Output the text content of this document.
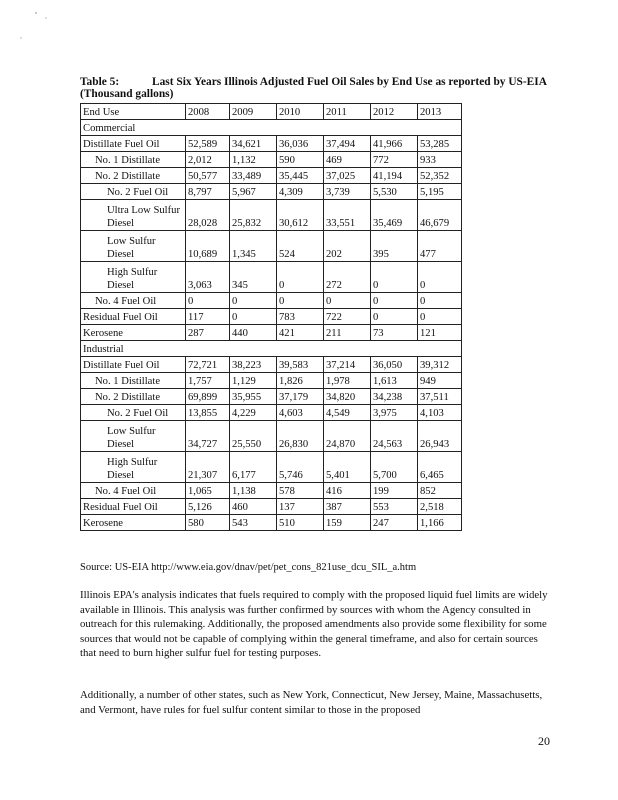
Table 5:	Last Six Years Illinois Adjusted Fuel Oil Sales by End Use as reported by US-EIA (Thousand gallons)
End Use	2008	2009	2010	2011	2012	2013
Commercial						
Distillate Fuel Oil	52,589	34,621	36,036	37,494	41,966	53,285
No. 1 Distillate	2,012	1,132	590	469	772	933
No. 2 Distillate	50,577	33,489	35,445	37,025	41,194	52,352
No. 2 Fuel Oil	8,797	5,967	4,309	3,739	5,530	5,195
Ultra Low Sulfur Diesel	28,028	25,832	30,612	33,551	35,469	46,679
Low Sulfur Diesel	10,689	1,345	524	202	395	477
High Sulfur Diesel	3,063	345	0	272	0	0
No. 4 Fuel Oil	0	0	0	0	0	0
Residual Fuel Oil	117	0	783	722	0	0
Kerosene	287	440	421	211	73	121
Industrial						
Distillate Fuel Oil	72,721	38,223	39,583	37,214	36,050	39,312
No. 1 Distillate	1,757	1,129	1,826	1,978	1,613	949
No. 2 Distillate	69,899	35,955	37,179	34,820	34,238	37,511
No. 2 Fuel Oil	13,855	4,229	4,603	4,549	3,975	4,103
Low Sulfur Diesel	34,727	25,550	26,830	24,870	24,563	26,943
High Sulfur Diesel	21,307	6,177	5,746	5,401	5,700	6,465
No. 4 Fuel Oil	1,065	1,138	578	416	199	852
Residual Fuel Oil	5,126	460	137	387	553	2,518
Kerosene	580	543	510	159	247	1,166
Source: US-EIA http://www.eia.gov/dnav/pet/pet_cons_821use_dcu_SIL_a.htm

Illinois EPA's analysis indicates that fuels required to comply with the proposed liquid fuel limits are widely available in Illinois. This analysis was further confirmed by sources with whom the Agency consulted in outreach for this rulemaking. Additionally, the proposed amendments also provide some flexibility for some sources that would not be capable of complying within the general timeframe, and also for certain sources that need to burn higher sulfur fuel for testing purposes.

Additionally, a number of other states, such as New York, Connecticut, New Jersey, Maine, Massachusetts, and Vermont, have rules for fuel sulfur content similar to those in the proposed

20
